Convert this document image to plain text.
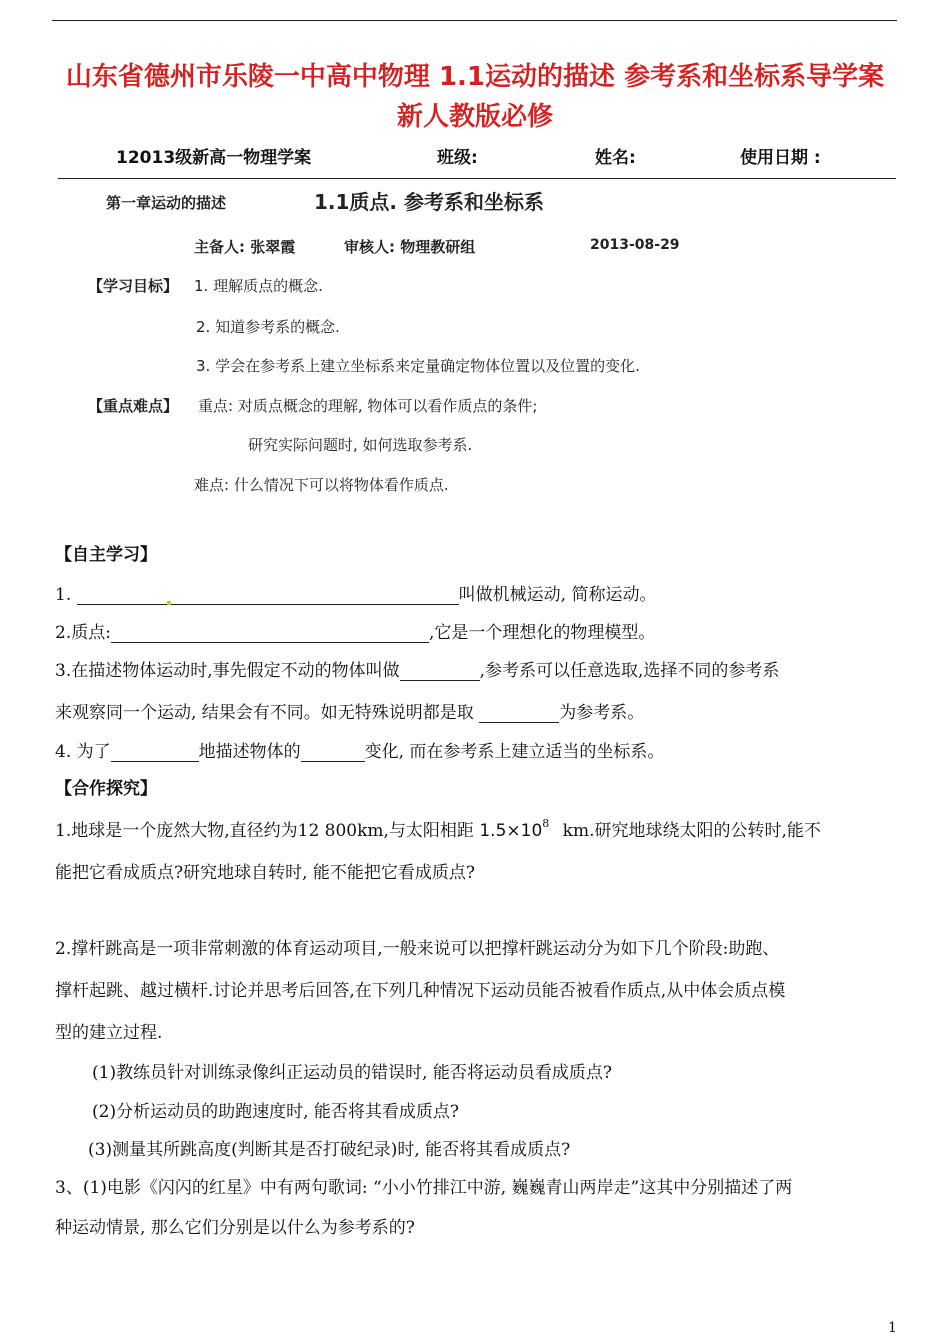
山东省德州市乐陵一中高中物理 1.1运动的描述 参考系和坐标系导学案
新人教版必修
12013级新高一物理学案	班级:	姓名:	使用日期 :
第一章运动的描述	1.1质点. 参考系和坐标系
主备人: 张翠霞	审核人: 物理教研组	2013-08-29
【学习目标】 1. 理解质点的概念.
2. 知道参考系的概念.
3. 学会在参考系上建立坐标系来定量确定物体位置以及位置的变化.
【重点难点】 重点: 对质点概念的理解, 物体可以看作质点的条件;
研究实际问题时, 如何选取参考系.
难点: 什么情况下可以将物体看作质点.
【自主学习】
1.	叫做机械运动, 简称运动。
2.质点:	,它是一个理想化的物理模型。
3.在描述物体运动时,事先假定不动的物体叫做	,参考系可以任意选取,选择不同的参考系
来观察同一个运动, 结果会有不同。如无特殊说明都是取	为参考系。
4. 为了	地描述物体的	变化, 而在参考系上建立适当的坐标系。
【合作探究】
1.地球是一个庞然大物,直径约为12 800km,与太阳相距 $1.5\times 10^8$ km.研究地球绕太阳的公转时,能不
能把它看成质点?研究地球自转时, 能不能把它看成质点?
2.撑杆跳高是一项非常刺激的体育运动项目,一般来说可以把撑杆跳运动分为如下几个阶段:助跑、
撑杆起跳、越过横杆.讨论并思考后回答,在下列几种情况下运动员能否被看作质点,从中体会质点模
型的建立过程.
(1)教练员针对训练录像纠正运动员的错误时, 能否将运动员看成质点?
(2)分析运动员的助跑速度时, 能否将其看成质点?
(3)测量其所跳高度(判断其是否打破纪录)时, 能否将其看成质点?
3、(1)电影《闪闪的红星》中有两句歌词: “小小竹排江中游, 巍巍青山两岸走”这其中分别描述了两
种运动情景, 那么它们分别是以什么为参考系的?
1
